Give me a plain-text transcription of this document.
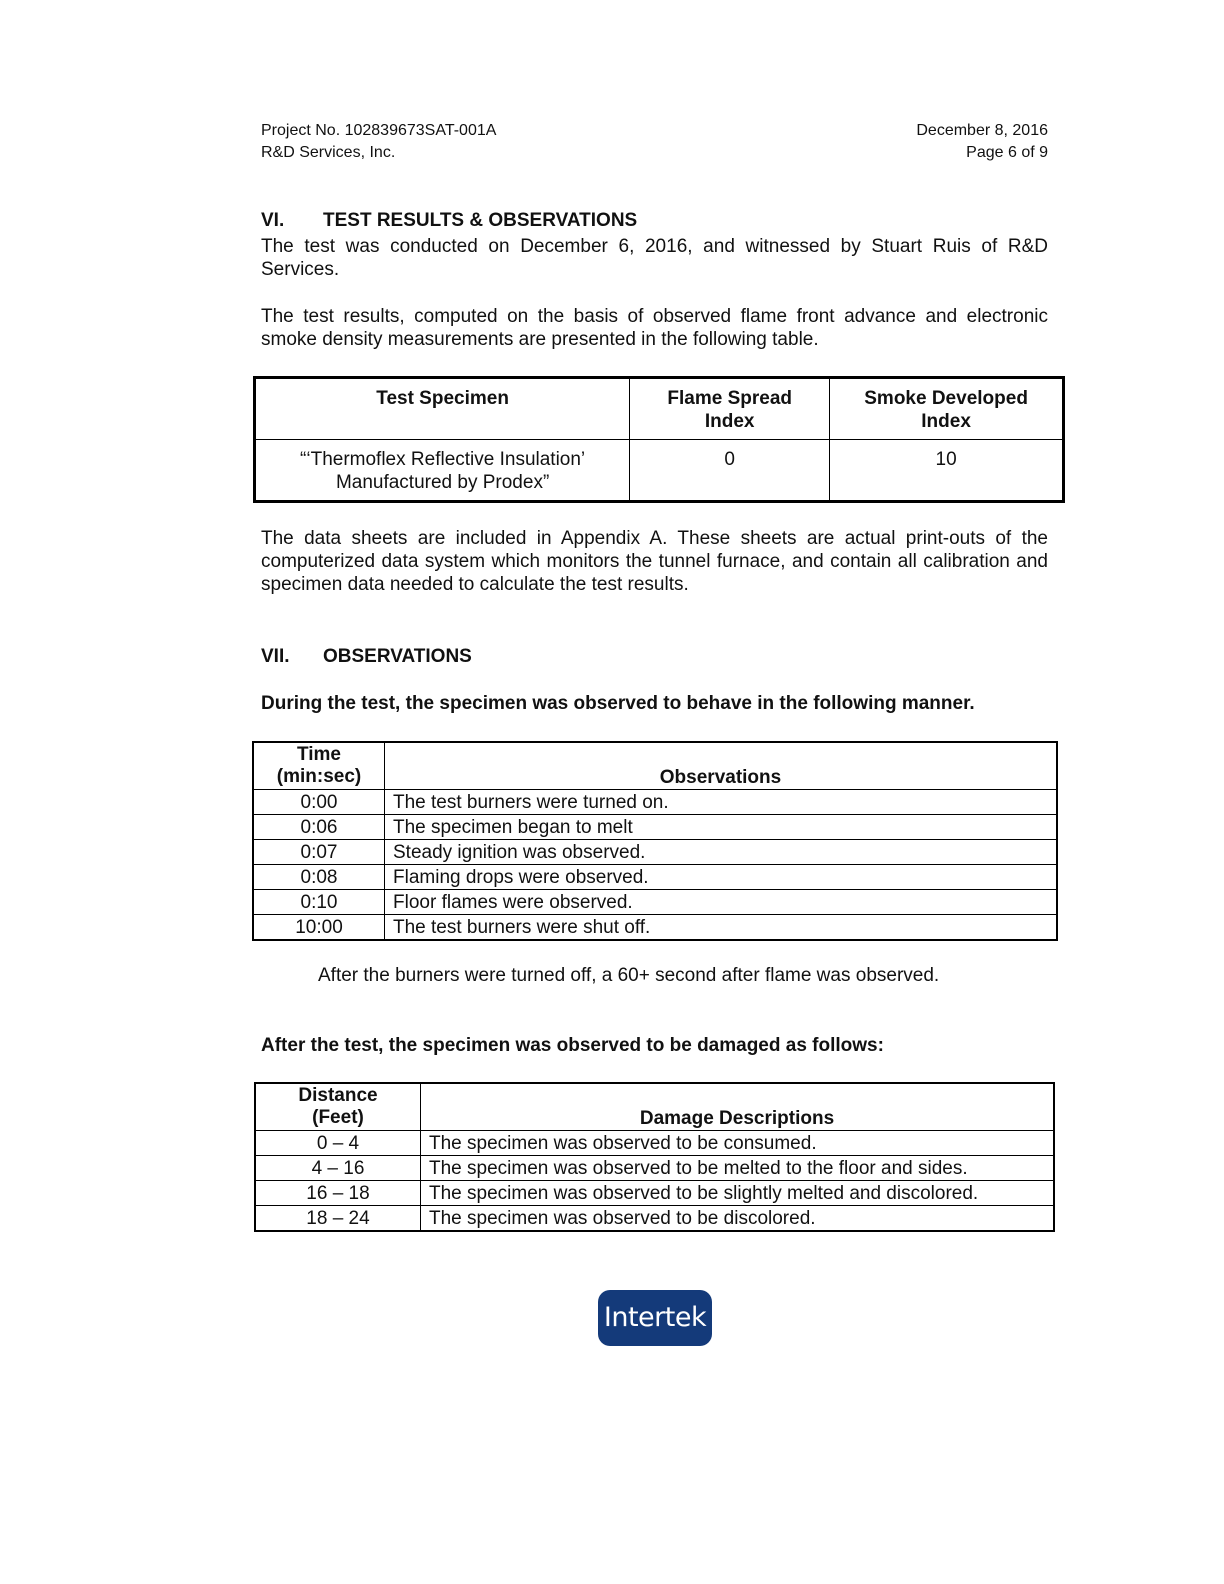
Project No. 102839673SAT-001A
R&D Services, Inc.
December 8, 2016
Page 6 of 9
VI. TEST RESULTS & OBSERVATIONS
The test was conducted on December 6, 2016, and witnessed by Stuart Ruis of R&D Services.
The test results, computed on the basis of observed flame front advance and electronic smoke density measurements are presented in the following table.
Test Specimen	Flame Spread Index	Smoke Developed Index

“‘Thermoflex Reflective Insulation’
Manufactured by Prodex”	0	10
The data sheets are included in Appendix A. These sheets are actual print-outs of the computerized data system which monitors the tunnel furnace, and contain all calibration and specimen data needed to calculate the test results.
VII. OBSERVATIONS
During the test, the specimen was observed to behave in the following manner.
Time
(min:sec)	Observations
0:00	The test burners were turned on.
0:06	The specimen began to melt
0:07	Steady ignition was observed.
0:08	Flaming drops were observed.
0:10	Floor flames were observed.
10:00	The test burners were shut off.
After the burners were turned off, a 60+ second after flame was observed.
After the test, the specimen was observed to be damaged as follows:
Distance
(Feet)	Damage Descriptions
0 – 4	The specimen was observed to be consumed.
4 – 16	The specimen was observed to be melted to the floor and sides.
16 – 18	The specimen was observed to be slightly melted and discolored.
18 – 24	The specimen was observed to be discolored.
Intertek
